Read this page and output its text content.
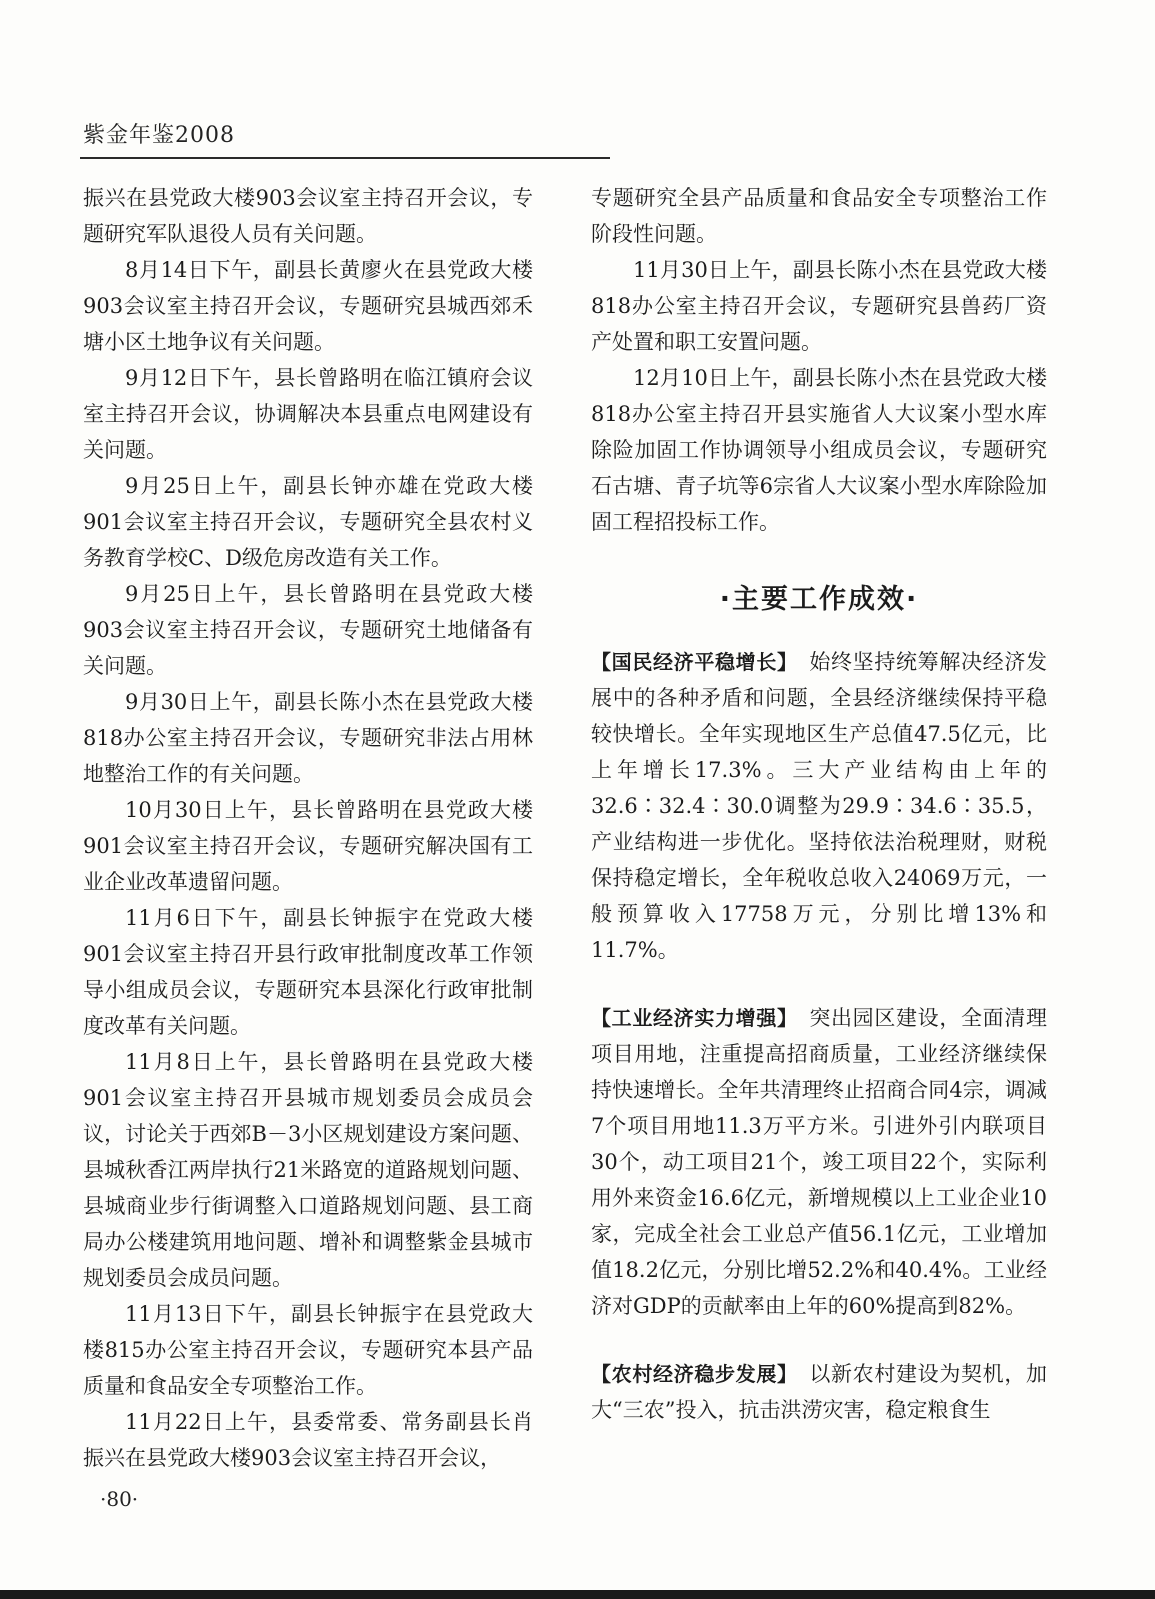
紫金年鉴2008

振兴在县党政大楼903会议室主持召开会议，专题研究军队退役人员有关问题。

8月14日下午，副县长黄廖火在县党政大楼903会议室主持召开会议，专题研究县城西郊禾塘小区土地争议有关问题。

9月12日下午，县长曾路明在临江镇府会议室主持召开会议，协调解决本县重点电网建设有关问题。

9月25日上午，副县长钟亦雄在党政大楼901会议室主持召开会议，专题研究全县农村义务教育学校C、D级危房改造有关工作。

9月25日上午，县长曾路明在县党政大楼903会议室主持召开会议，专题研究土地储备有关问题。

9月30日上午，副县长陈小杰在县党政大楼818办公室主持召开会议，专题研究非法占用林地整治工作的有关问题。

10月30日上午，县长曾路明在县党政大楼901会议室主持召开会议，专题研究解决国有工业企业改革遗留问题。

11月6日下午，副县长钟振宇在党政大楼901会议室主持召开县行政审批制度改革工作领导小组成员会议，专题研究本县深化行政审批制度改革有关问题。

11月8日上午，县长曾路明在县党政大楼901会议室主持召开县城市规划委员会成员会议，讨论关于西郊B－3小区规划建设方案问题、县城秋香江两岸执行21米路宽的道路规划问题、县城商业步行街调整入口道路规划问题、县工商局办公楼建筑用地问题、增补和调整紫金县城市规划委员会成员问题。

11月13日下午，副县长钟振宇在县党政大楼815办公室主持召开会议，专题研究本县产品质量和食品安全专项整治工作。

11月22日上午，县委常委、常务副县长肖振兴在县党政大楼903会议室主持召开会议，

专题研究全县产品质量和食品安全专项整治工作阶段性问题。

11月30日上午，副县长陈小杰在县党政大楼818办公室主持召开会议，专题研究县兽药厂资产处置和职工安置问题。

12月10日上午，副县长陈小杰在县党政大楼818办公室主持召开县实施省人大议案小型水库除险加固工作协调领导小组成员会议，专题研究石古塘、青子坑等6宗省人大议案小型水库除险加固工程招投标工作。

·主要工作成效·

【国民经济平稳增长】　始终坚持统筹解决经济发展中的各种矛盾和问题，全县经济继续保持平稳较快增长。全年实现地区生产总值47.5亿元，比上年增长17.3%。三大产业结构由上年的32.6∶32.4∶30.0调整为29.9∶34.6∶35.5，产业结构进一步优化。坚持依法治税理财，财税保持稳定增长，全年税收总收入24069万元，一般预算收入17758万元，分别比增13%和11.7%。

【工业经济实力增强】　突出园区建设，全面清理项目用地，注重提高招商质量，工业经济继续保持快速增长。全年共清理终止招商合同4宗，调减7个项目用地11.3万平方米。引进外引内联项目30个，动工项目21个，竣工项目22个，实际利用外来资金16.6亿元，新增规模以上工业企业10家，完成全社会工业总产值56.1亿元，工业增加值18.2亿元，分别比增52.2%和40.4%。工业经济对GDP的贡献率由上年的60%提高到82%。

【农村经济稳步发展】　以新农村建设为契机，加大“三农”投入，抗击洪涝灾害，稳定粮食生

·80·
